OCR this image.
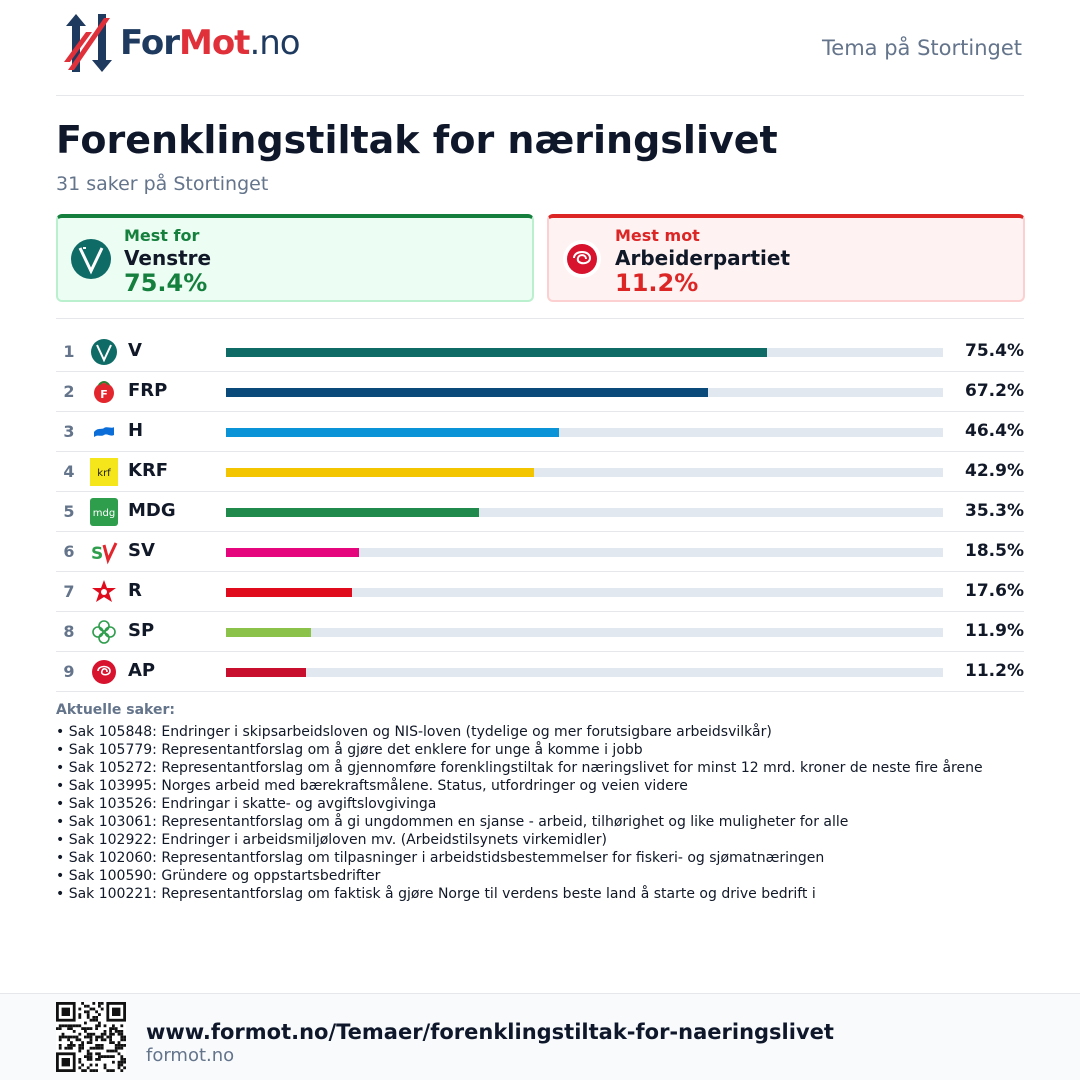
ForMot.no	Tema på Stortinget
Forenklingstiltak for næringslivet
31 saker på Stortinget
Mest for
Venstre
75.4%
Mest mot
Arbeiderpartiet
11.2%
1	V	75.4%
2	F FRP	67.2%
3	H	46.4%
4	krf KRF	42.9%
5	mdg MDG	35.3%
6 S SV	18.5%
7	R	17.6%
8	SP	11.9%
9	AP	11.2%
Aktuelle saker:
• Sak 105848: Endringer i skipsarbeidsloven og NIS-loven (tydelige og mer forutsigbare arbeidsvilkår)
• Sak 105779: Representantforslag om å gjøre det enklere for unge å komme i jobb
• Sak 105272: Representantforslag om å gjennomføre forenklingstiltak for næringslivet for minst 12 mrd. kroner de neste fire årene
• Sak 103995: Norges arbeid med bærekraftsmålene. Status, utfordringer og veien videre
• Sak 103526: Endringar i skatte- og avgiftslovgivinga
• Sak 103061: Representantforslag om å gi ungdommen en sjanse - arbeid, tilhørighet og like muligheter for alle
• Sak 102922: Endringer i arbeidsmiljøloven mv. (Arbeidstilsynets virkemidler)
• Sak 102060: Representantforslag om tilpasninger i arbeidstidsbestemmelser for fiskeri- og sjømatnæringen
• Sak 100590: Gründere og oppstartsbedrifter
• Sak 100221: Representantforslag om faktisk å gjøre Norge til verdens beste land å starte og drive bedrift i
www.formot.no/Temaer/forenklingstiltak-for-naeringslivet
formot.no
